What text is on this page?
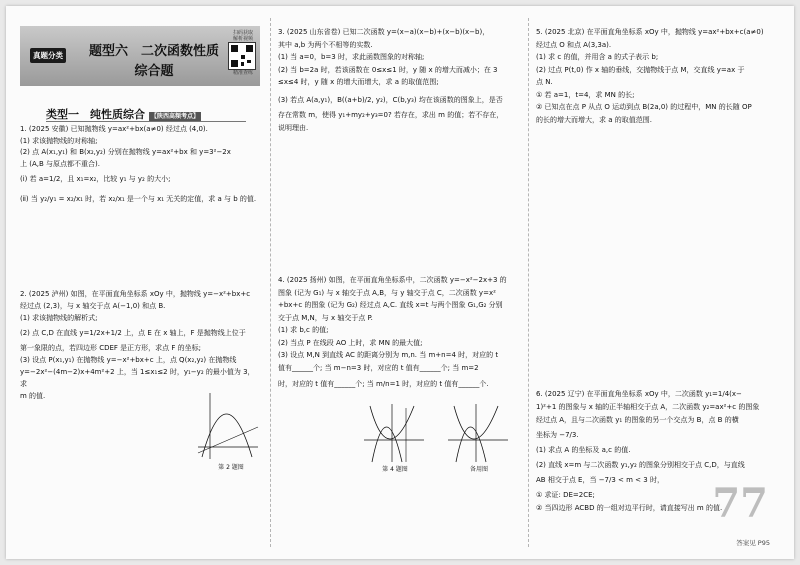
真题分类	题型六　二次函数性质
综合题
扫码获取
解析视频
精准查练
类型一　纯性质综合 【陕西高频考点】

1. (2025 安徽) 已知抛物线 y=ax²+bx(a≠0) 经过点 (4,0).

(1) 求该抛物线的对称轴;

(2) 点 A(x₁,y₁) 和 B(x₂,y₂) 分别在抛物线 y=ax²+bx 和 y=3²−2x

上 (A,B 与原点都不重合).

(ⅰ) 若 a=1/2，且 x₁=x₂，比较 y₁ 与 y₂ 的大小;

(ⅱ) 当 y₂/y₁ = x₂/x₁ 时，若 x₂/x₁ 是一个与 x₁ 无关的定值，求 a 与 b 的值.

2. (2025 泸州) 如图，在平面直角坐标系 xOy 中，抛物线 y=−x²+bx+c

经过点 (2,3)，与 x 轴交于点 A(−1,0) 和点 B.

(1) 求该抛物线的解析式;

(2) 点 C,D 在直线 y=1/2x+1/2 上，点 E 在 x 轴上，F 是抛物线上位于

第一象限的点，若四边形 CDEF 是正方形，求点 F 的坐标;

(3) 设点 P(x₁,y₁) 在抛物线 y=−x²+bx+c 上，点 Q(x₂,y₂) 在抛物线

y=−2x²−(4m−2)x+4m²+2 上，当 1≤x₁≤2 时，y₁−y₂ 的最小值为 3，求

m 的值.

第 2 题图

3. (2025 山东省卷) 已知二次函数 y=(x−a)(x−b)+(x−b)(x−b)，

其中 a,b 为两个不相等的实数.

(1) 当 a=0，b=3 时，求此函数图象的对称轴;

(2) 当 b=2a 时，若该函数在 0≤x≤1 时，y 随 x 的增大而减小；在 3

≤x≤4 时，y 随 x 的增大而增大，求 a 的取值范围;

(3) 若点 A(a,y₁)，B((a+b)/2, y₂)，C(b,y₃) 均在该函数的图象上，是否

存在常数 m，使得 y₁+my₂+y₃=0? 若存在，求出 m 的值；若不存在，

说明理由.

4. (2025 扬州) 如图，在平面直角坐标系中，二次函数 y=−x²−2x+3 的

图象 (记为 G₁) 与 x 轴交于点 A,B，与 y 轴交于点 C，二次函数 y=x²

+bx+c 的图象 (记为 G₂) 经过点 A,C. 直线 x=t 与两个图象 G₁,G₂ 分别

交于点 M,N，与 x 轴交于点 P.

(1) 求 b,c 的值;

(2) 当点 P 在线段 AO 上时，求 MN 的最大值;

(3) 设点 M,N 到直线 AC 的距离分别为 m,n. 当 m+n=4 时，对应的 t

值有______个; 当 m−n=3 时，对应的 t 值有______个; 当 m=2

时，对应的 t 值有______个; 当 m/n=1 时，对应的 t 值有______个.

第 4 题图	备用图

5. (2025 北京) 在平面直角坐标系 xOy 中，抛物线 y=ax²+bx+c(a≠0)

经过点 O 和点 A(3,3a).

(1) 求 c 的值，并用含 a 的式子表示 b;

(2) 过点 P(t,0) 作 x 轴的垂线，交抛物线于点 M，交直线 y=ax 于

点 N.

① 若 a=1，t=4，求 MN 的长;

② 已知点在点 P 从点 O 运动到点 B(2a,0) 的过程中，MN 的长随 OP

的长的增大而增大，求 a 的取值范围.

6. (2025 辽宁) 在平面直角坐标系 xOy 中，二次函数 y₁=1/4(x−

1)²+1 的图象与 x 轴的正半轴相交于点 A，二次函数 y₂=ax²+c 的图象

经过点 A，且与二次函数 y₁ 的图象的另一个交点为 B，点 B 的横

坐标为 −7/3.

(1) 求点 A 的坐标及 a,c 的值.

(2) 直线 x=m 与二次函数 y₁,y₂ 的图象分别相交于点 C,D，与直线

AB 相交于点 E，当 −7/3 < m < 3 时，

① 求证: DE=2CE;

② 当四边形 ACBD 的一组对边平行时，请直接写出 m 的值.

77
答案见 P95
